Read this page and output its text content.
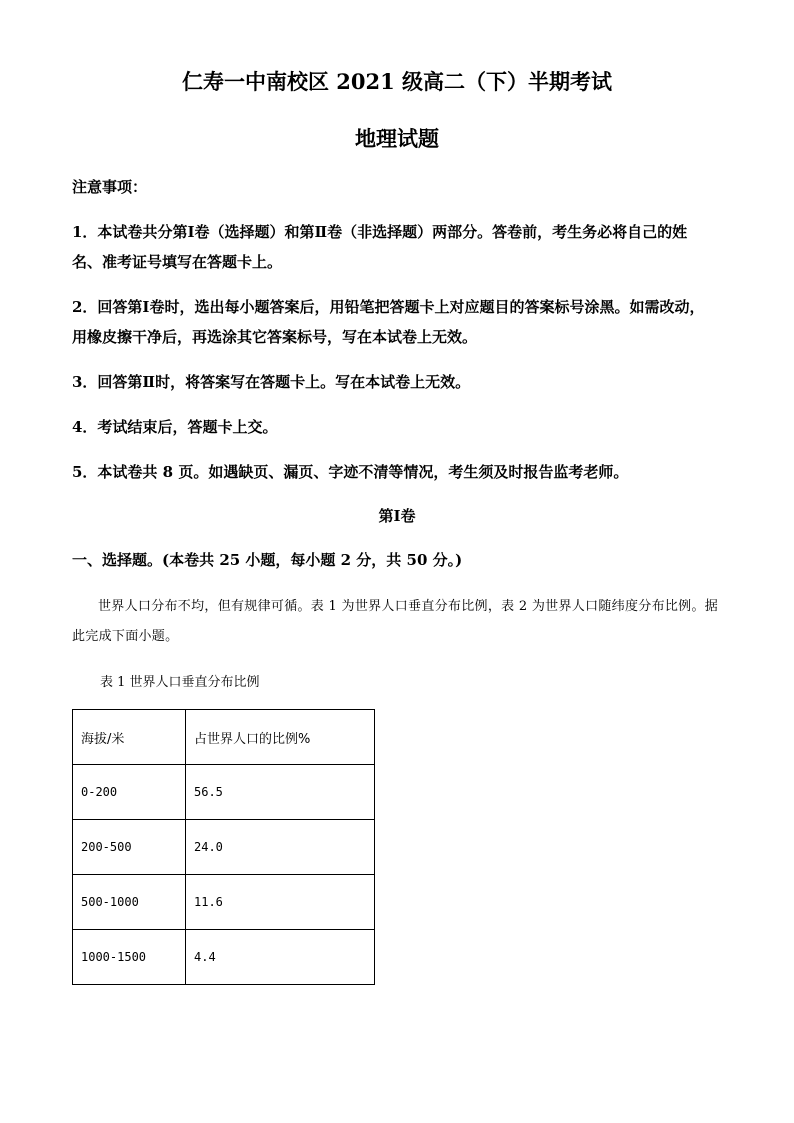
仁寿一中南校区 2021 级高二（下）半期考试
地理试题
注意事项：
1．本试卷共分第Ⅰ卷（选择题）和第Ⅱ卷（非选择题）两部分。答卷前，考生务必将自己的姓名、准考证号填写在答题卡上。
2．回答第Ⅰ卷时，选出每小题答案后，用铅笔把答题卡上对应题目的答案标号涂黑。如需改动，用橡皮擦干净后，再选涂其它答案标号，写在本试卷上无效。
3．回答第Ⅱ时，将答案写在答题卡上。写在本试卷上无效。
4．考试结束后，答题卡上交。
5．本试卷共 8 页。如遇缺页、漏页、字迹不清等情况，考生须及时报告监考老师。
第Ⅰ卷
一、选择题。(本卷共 25 小题，每小题 2 分，共 50 分。)
世界人口分布不均，但有规律可循。表 1 为世界人口垂直分布比例，表 2 为世界人口随纬度分布比例。据此完成下面小题。
表 1 世界人口垂直分布比例
海拔/米	占世界人口的比例%
0-200	56.5
200-500	24.0
500-1000	11.6
1000-1500	4.4
